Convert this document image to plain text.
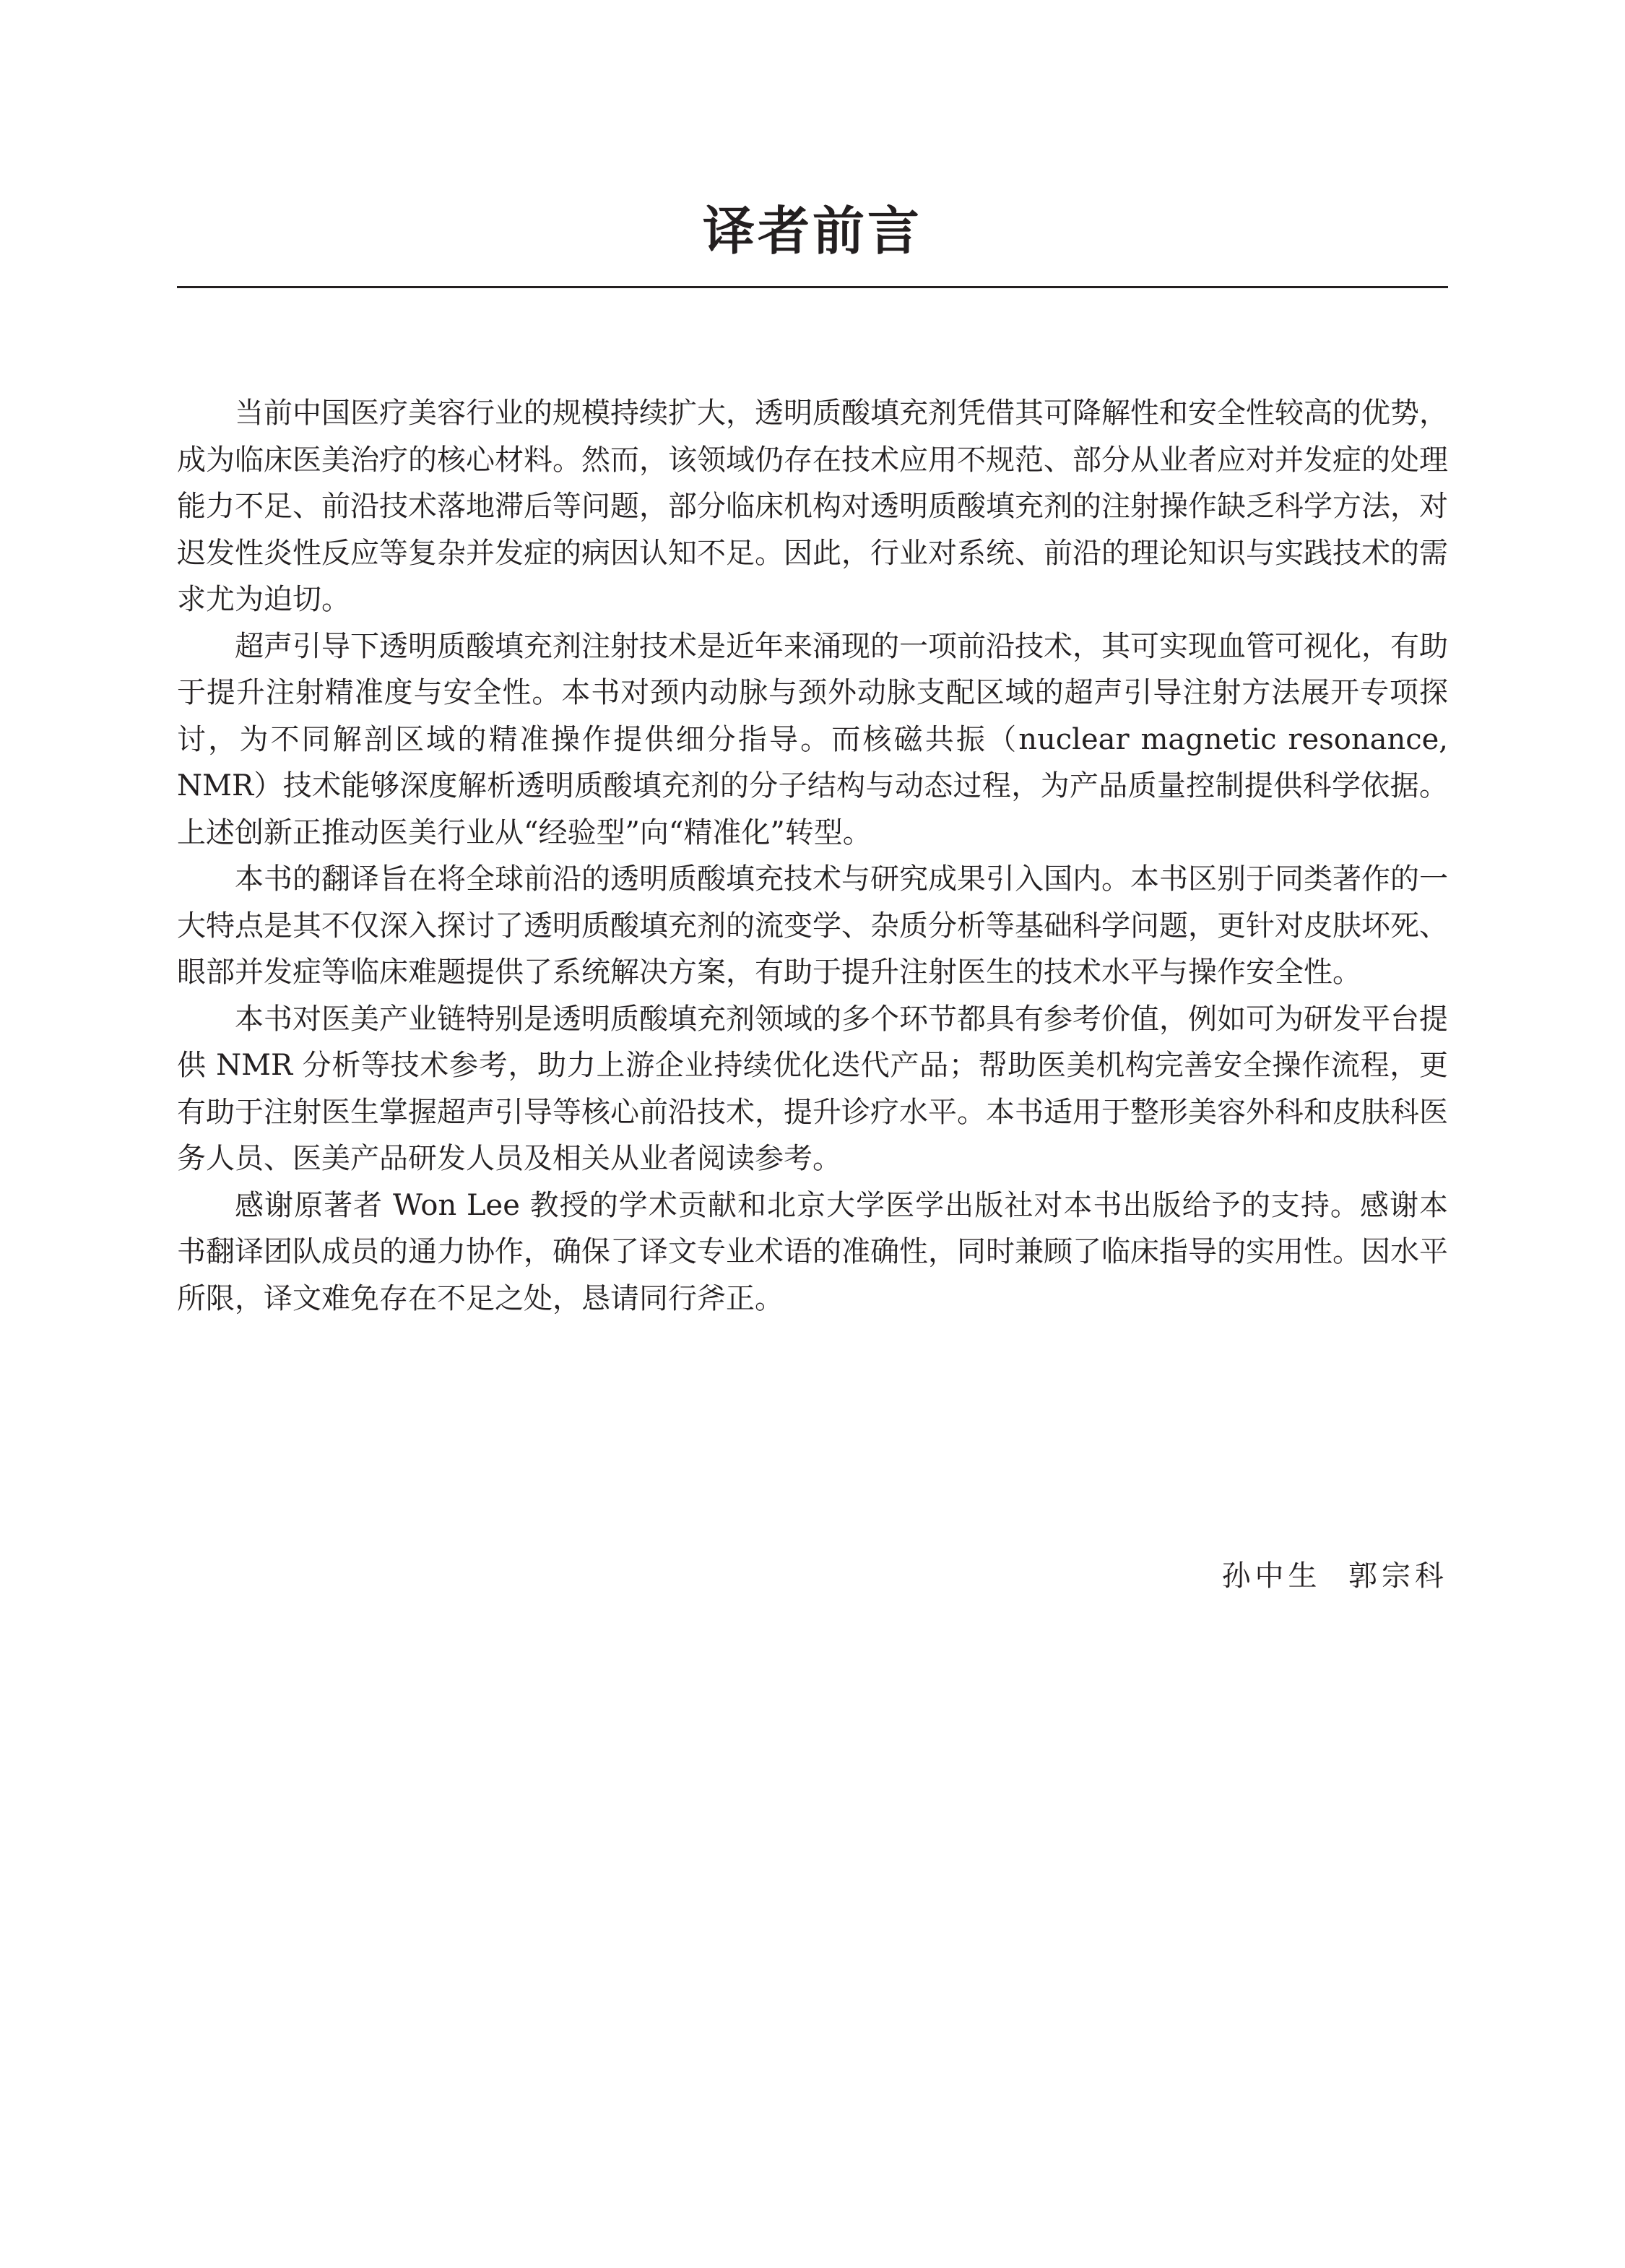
译者前言

当前中国医疗美容行业的规模持续扩大，透明质酸填充剂凭借其可降解性和安全性较高的优势，成为临床医美治疗的核心材料。然而，该领域仍存在技术应用不规范、部分从业者应对并发症的处理能力不足、前沿技术落地滞后等问题，部分临床机构对透明质酸填充剂的注射操作缺乏科学方法，对迟发性炎性反应等复杂并发症的病因认知不足。因此，行业对系统、前沿的理论知识与实践技术的需求尤为迫切。

超声引导下透明质酸填充剂注射技术是近年来涌现的一项前沿技术，其可实现血管可视化，有助于提升注射精准度与安全性。本书对颈内动脉与颈外动脉支配区域的超声引导注射方法展开专项探讨，为不同解剖区域的精准操作提供细分指导。而核磁共振（nuclear magnetic resonance, NMR）技术能够深度解析透明质酸填充剂的分子结构与动态过程，为产品质量控制提供科学依据。上述创新正推动医美行业从“经验型”向“精准化”转型。

本书的翻译旨在将全球前沿的透明质酸填充技术与研究成果引入国内。本书区别于同类著作的一大特点是其不仅深入探讨了透明质酸填充剂的流变学、杂质分析等基础科学问题，更针对皮肤坏死、眼部并发症等临床难题提供了系统解决方案，有助于提升注射医生的技术水平与操作安全性。

本书对医美产业链特别是透明质酸填充剂领域的多个环节都具有参考价值，例如可为研发平台提供 NMR 分析等技术参考，助力上游企业持续优化迭代产品；帮助医美机构完善安全操作流程，更有助于注射医生掌握超声引导等核心前沿技术，提升诊疗水平。本书适用于整形美容外科和皮肤科医务人员、医美产品研发人员及相关从业者阅读参考。

感谢原著者 Won Lee 教授的学术贡献和北京大学医学出版社对本书出版给予的支持。感谢本书翻译团队成员的通力协作，确保了译文专业术语的准确性，同时兼顾了临床指导的实用性。因水平所限，译文难免存在不足之处，恳请同行斧正。

孙中生  郭宗科
